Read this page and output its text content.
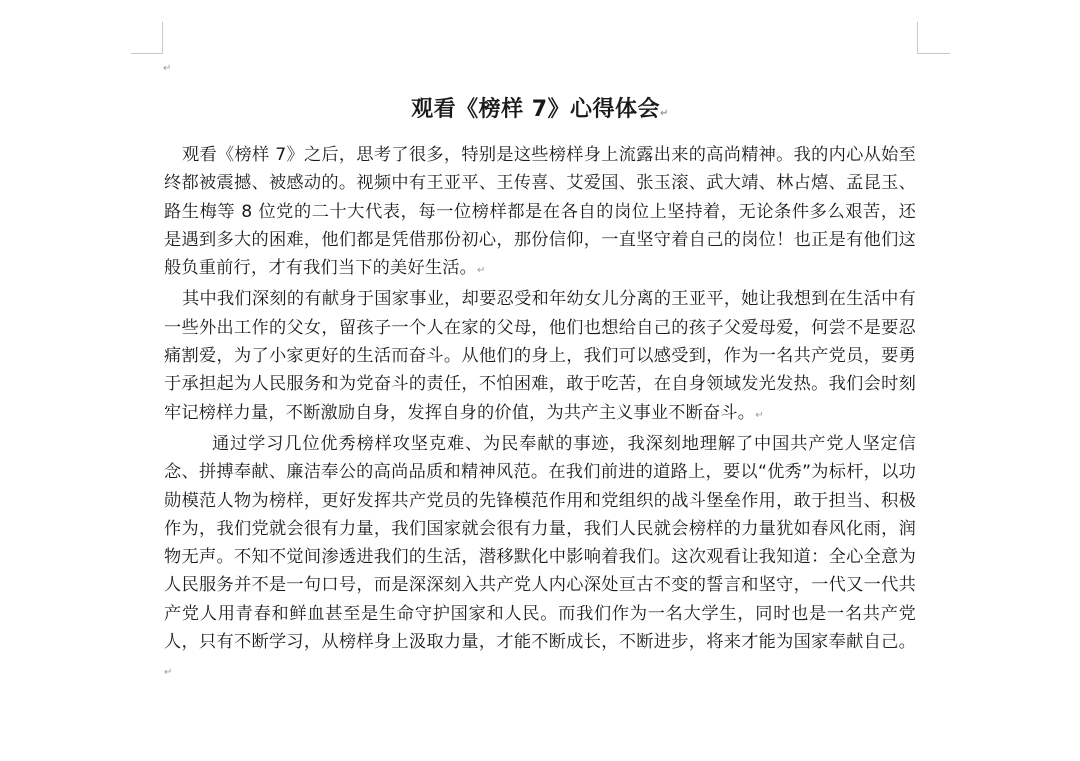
↵
观看《榜样 7》心得体会↵

观看《榜样 7》之后，思考了很多，特别是这些榜样身上流露出来的高尚精神。我的内心从始至终都被震撼、被感动的。视频中有王亚平、王传喜、艾爱国、张玉滚、武大靖、林占熺、孟昆玉、路生梅等 8 位党的二十大代表，每一位榜样都是在各自的岗位上坚持着，无论条件多么艰苦，还是遇到多大的困难，他们都是凭借那份初心，那份信仰，一直坚守着自己的岗位！也正是有他们这般负重前行，才有我们当下的美好生活。↵

其中我们深刻的有献身于国家事业，却要忍受和年幼女儿分离的王亚平，她让我想到在生活中有一些外出工作的父女，留孩子一个人在家的父母，他们也想给自己的孩子父爱母爱，何尝不是要忍痛割爱，为了小家更好的生活而奋斗。从他们的身上，我们可以感受到，作为一名共产党员，要勇于承担起为人民服务和为党奋斗的责任，不怕困难，敢于吃苦，在自身领域发光发热。我们会时刻牢记榜样力量，不断激励自身，发挥自身的价值，为共产主义事业不断奋斗。↵

通过学习几位优秀榜样攻坚克难、为民奉献的事迹，我深刻地理解了中国共产党人坚定信念、拼搏奉献、廉洁奉公的高尚品质和精神风范。在我们前进的道路上，要以“优秀”为标杆，以功勋模范人物为榜样，更好发挥共产党员的先锋模范作用和党组织的战斗堡垒作用，敢于担当、积极作为，我们党就会很有力量，我们国家就会很有力量，我们人民就会榜样的力量犹如春风化雨，润物无声。不知不觉间渗透进我们的生活，潜移默化中影响着我们。这次观看让我知道：全心全意为人民服务并不是一句口号，而是深深刻入共产党人内心深处亘古不变的誓言和坚守，一代又一代共产党人用青春和鲜血甚至是生命守护国家和人民。而我们作为一名大学生，同时也是一名共产党人，只有不断学习，从榜样身上汲取力量，才能不断成长，不断进步，将来才能为国家奉献自己。↵
